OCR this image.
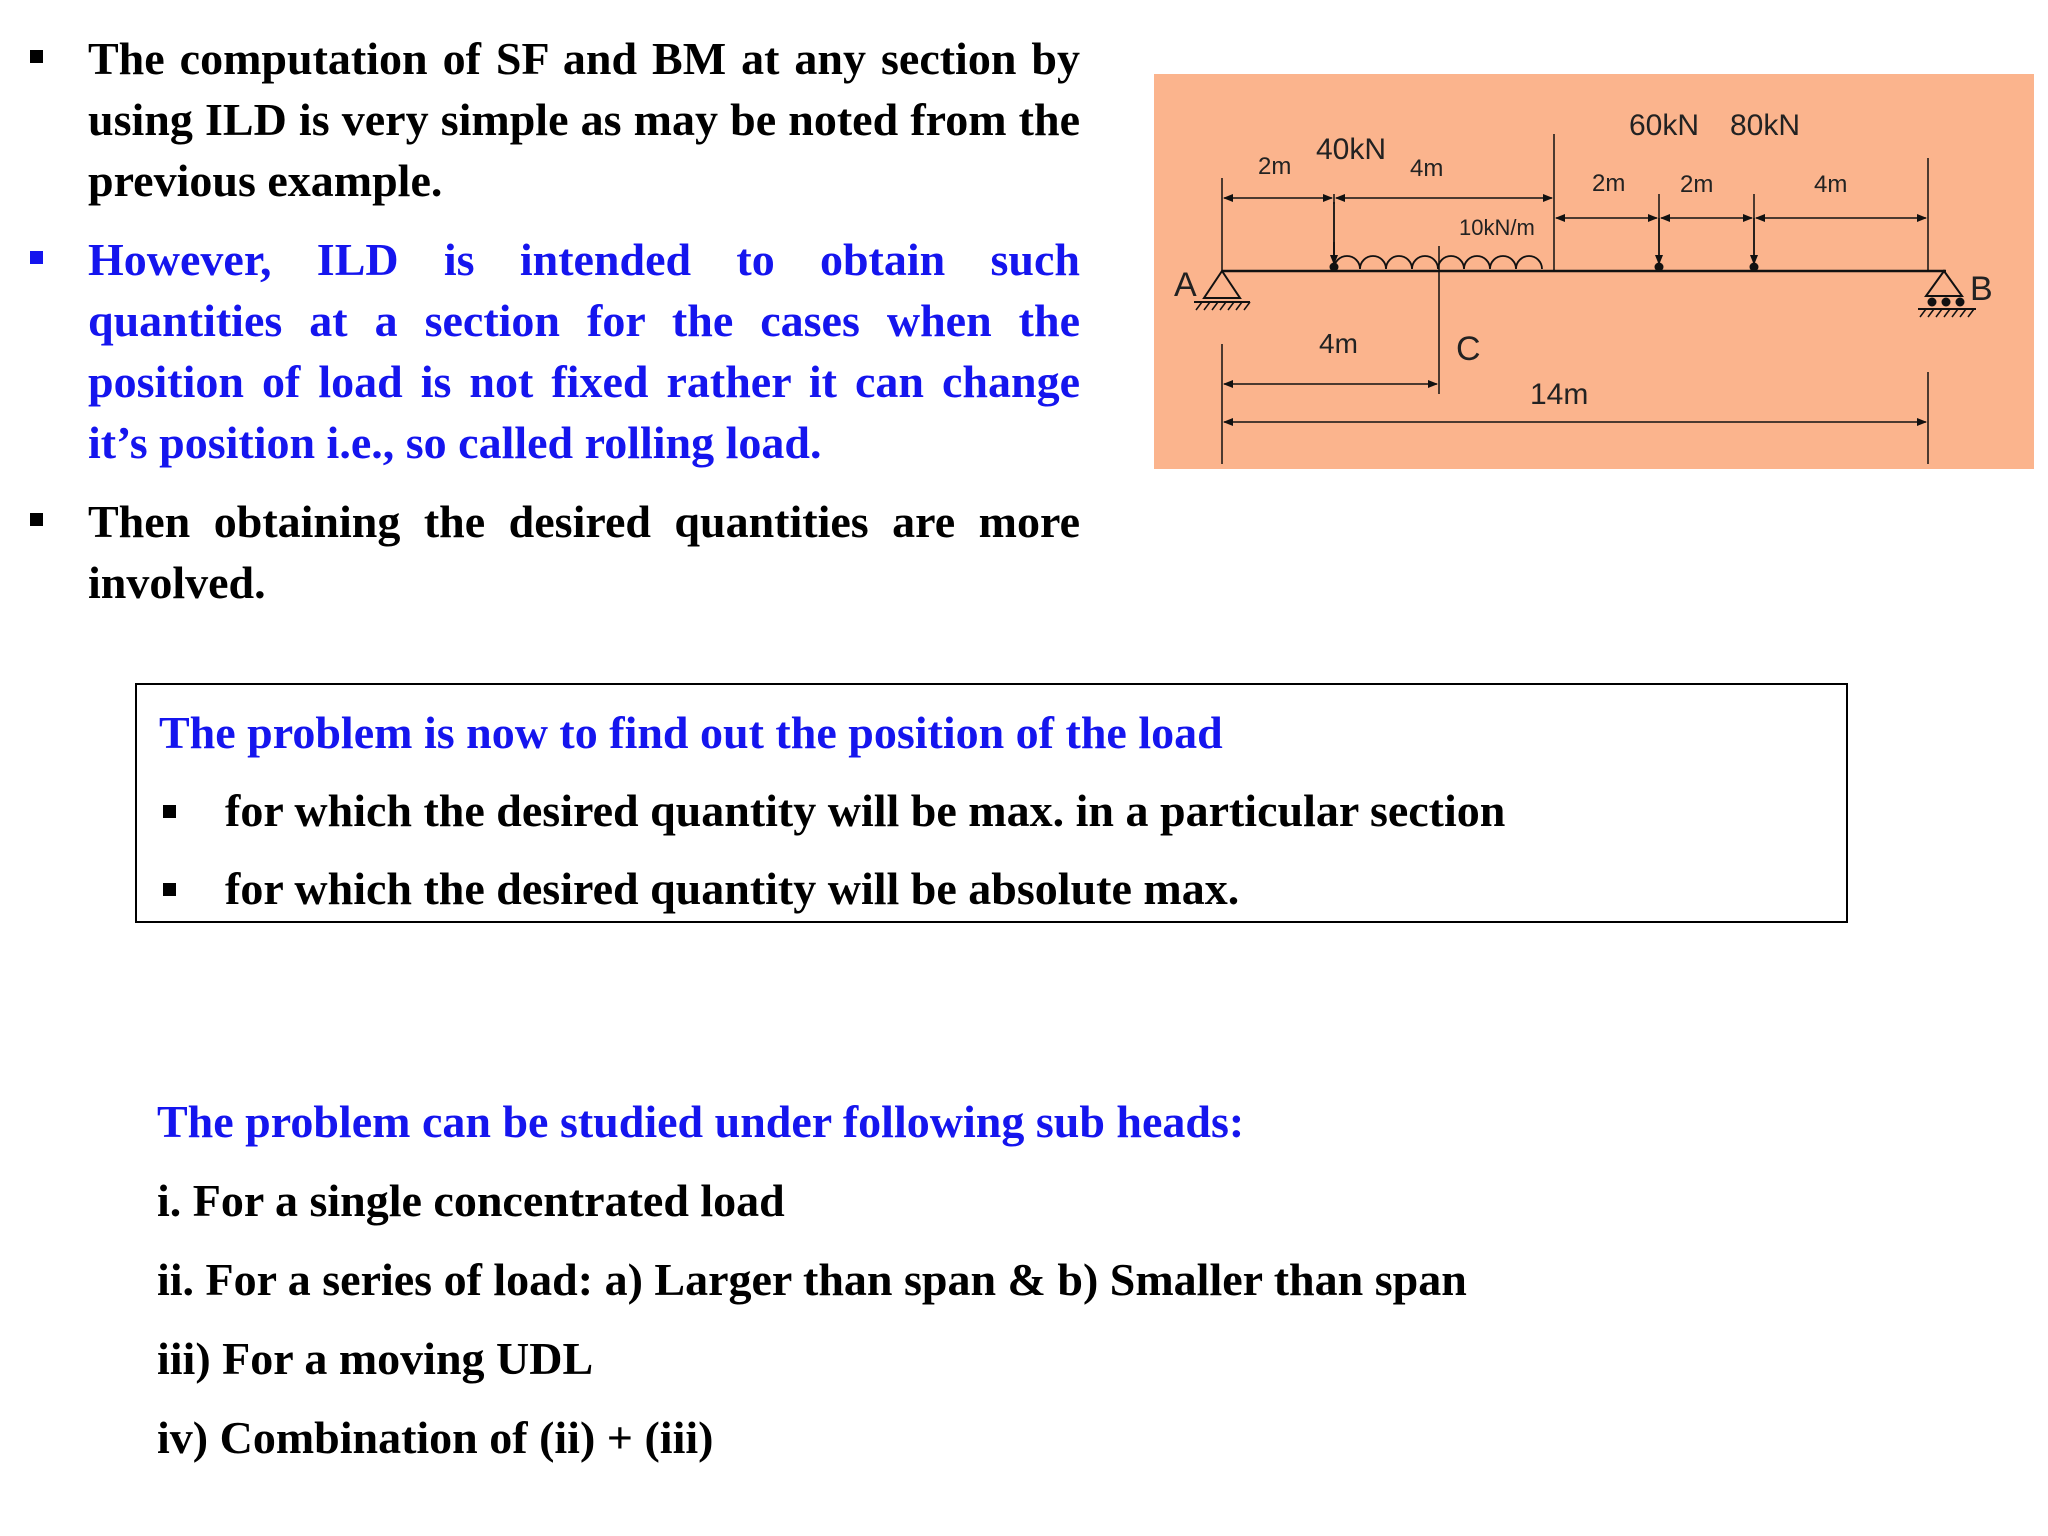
The computation of SF and BM at any section by using ILD is very simple as may be noted from the previous example.
However, ILD is intended to obtain such quantities at a section for the cases when the position of load is not fixed rather it can change it’s position i.e., so called rolling load.
Then obtaining the desired quantities are more involved.
A	B
10kN/m
40kN
60kN 80kN
2m	4m
2m 2m	4m
C
4m
14m
The problem is now to find out the position of the load
for which the desired quantity will be max. in a particular section
for which the desired quantity will be absolute max.
The problem can be studied under following sub heads:
i. For a single concentrated load
ii. For a series of load: a) Larger than span & b) Smaller than span
iii) For a moving UDL
iv) Combination of (ii) + (iii)
